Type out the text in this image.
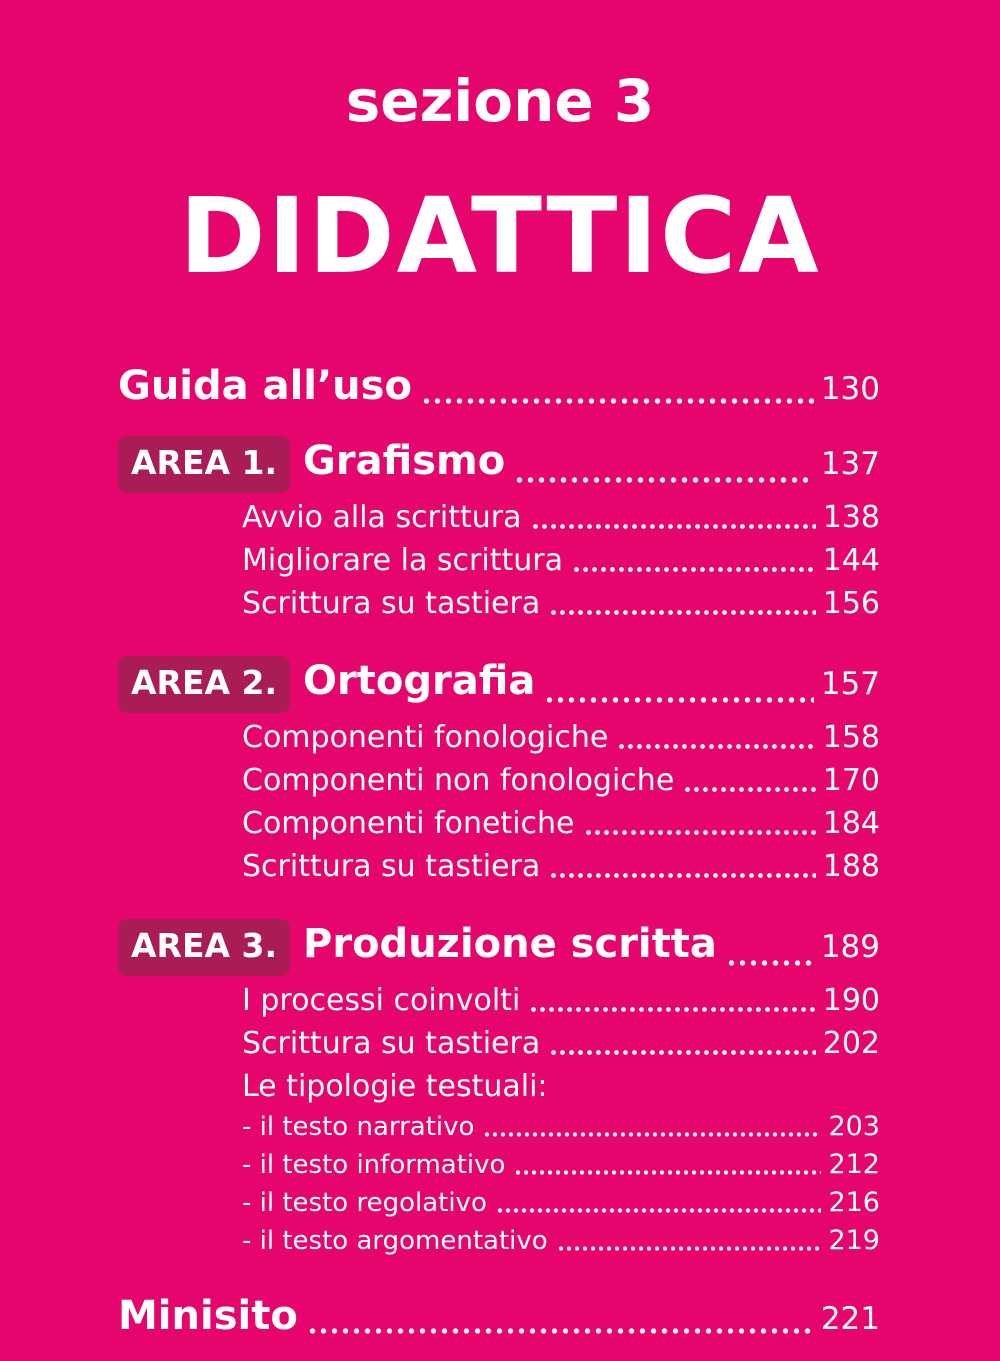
sezione 3
DIDATTICA
Guida all’uso	130
AREA 1. Grafismo	137
Avvio alla scrittura	138
Migliorare la scrittura	144
Scrittura su tastiera	156
AREA 2. Ortografia	157
Componenti fonologiche	158
Componenti non fonologiche	170
Componenti fonetiche	184
Scrittura su tastiera	188
AREA 3. Produzione scritta	189
I processi coinvolti	190
Scrittura su tastiera	202
Le tipologie testuali:
- il testo narrativo	203
- il testo informativo	212
- il testo regolativo	216
- il testo argomentativo	219
Minisito	221
